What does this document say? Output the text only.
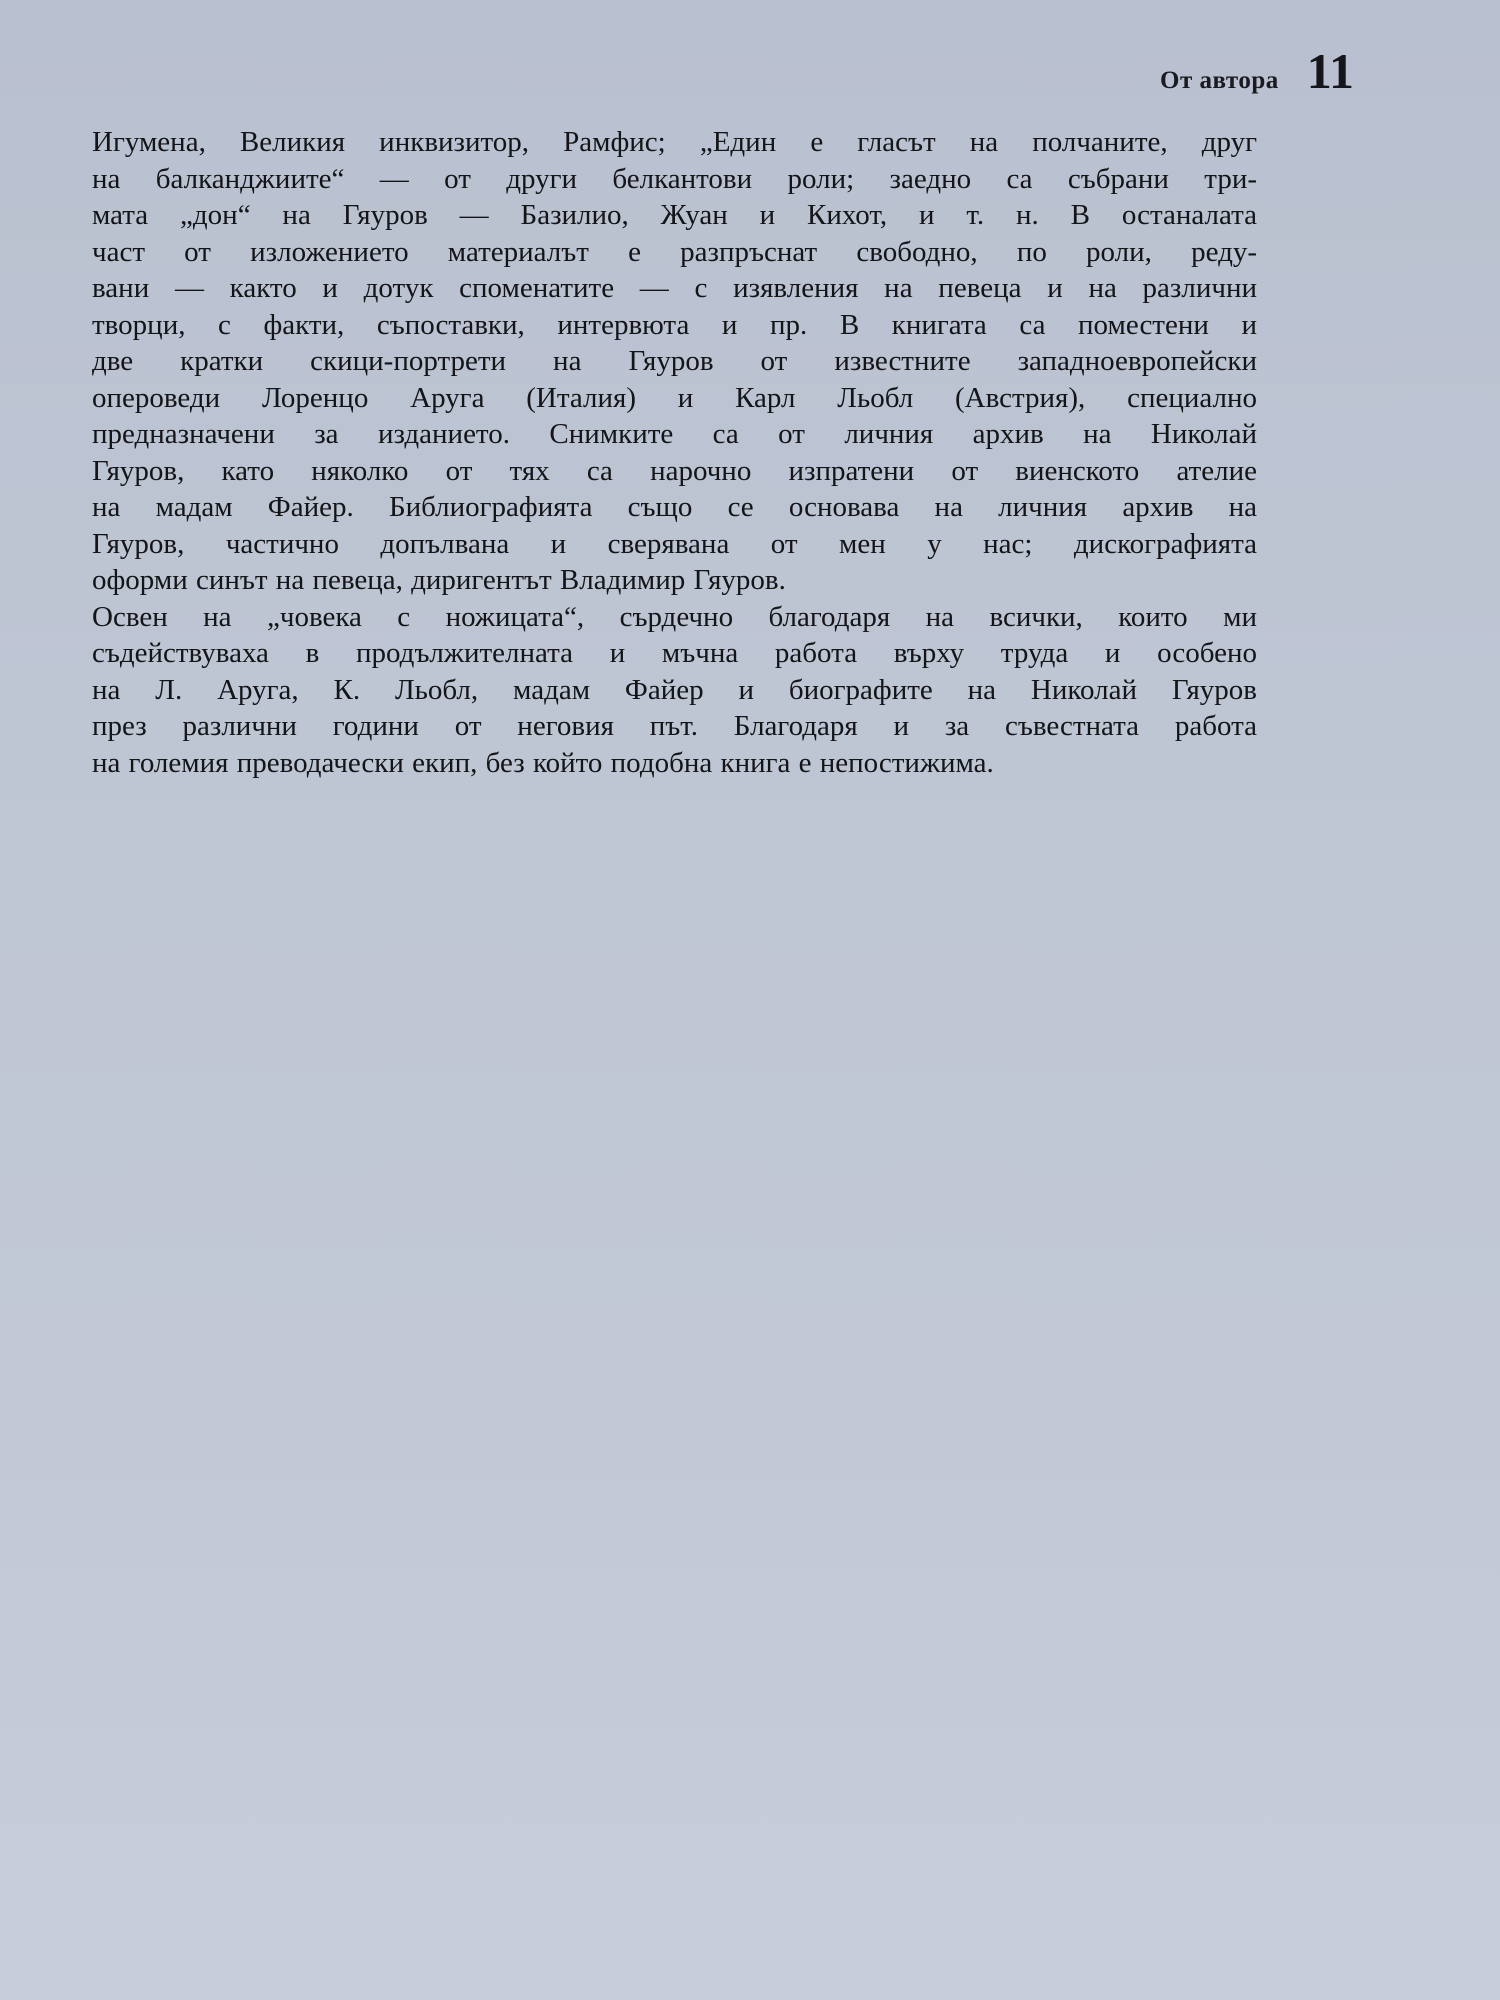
От автора 11
Игумена, Великия инквизитор, Рамфис; „Един е гласът на полчаните, друг
на балканджиите“ — от други белкантови роли; заедно са събрани три-
мата „дон“ на Гяуров — Базилио, Жуан и Кихот, и т. н. В останалата
част от изложението материалът е разпръснат свободно, по роли, реду-
вани — както и дотук споменатите — с изявления на певеца и на различни
творци, с факти, съпоставки, интервюта и пр. В книгата са поместени и
две кратки скици-портрети на Гяуров от известните западноевропейски
опероведи Лоренцо Аруга (Италия) и Карл Льобл (Австрия), специално
предназначени за изданието. Снимките са от личния архив на Николай
Гяуров, като няколко от тях са нарочно изпратени от виенското ателие
на мадам Файер. Библиографията също се основава на личния архив на
Гяуров, частично допълвана и сверявана от мен у нас; дискографията
оформи синът на певеца, диригентът Владимир Гяуров.
Освен на „човека с ножицата“, сърдечно благодаря на всички, които ми
съдействуваха в продължителната и мъчна работа върху труда и особено
на Л. Аруга, К. Льобл, мадам Файер и биографите на Николай Гяуров
през различни години от неговия път. Благодаря и за съвестната работа
на големия преводачески екип, без който подобна книга е непостижима.
